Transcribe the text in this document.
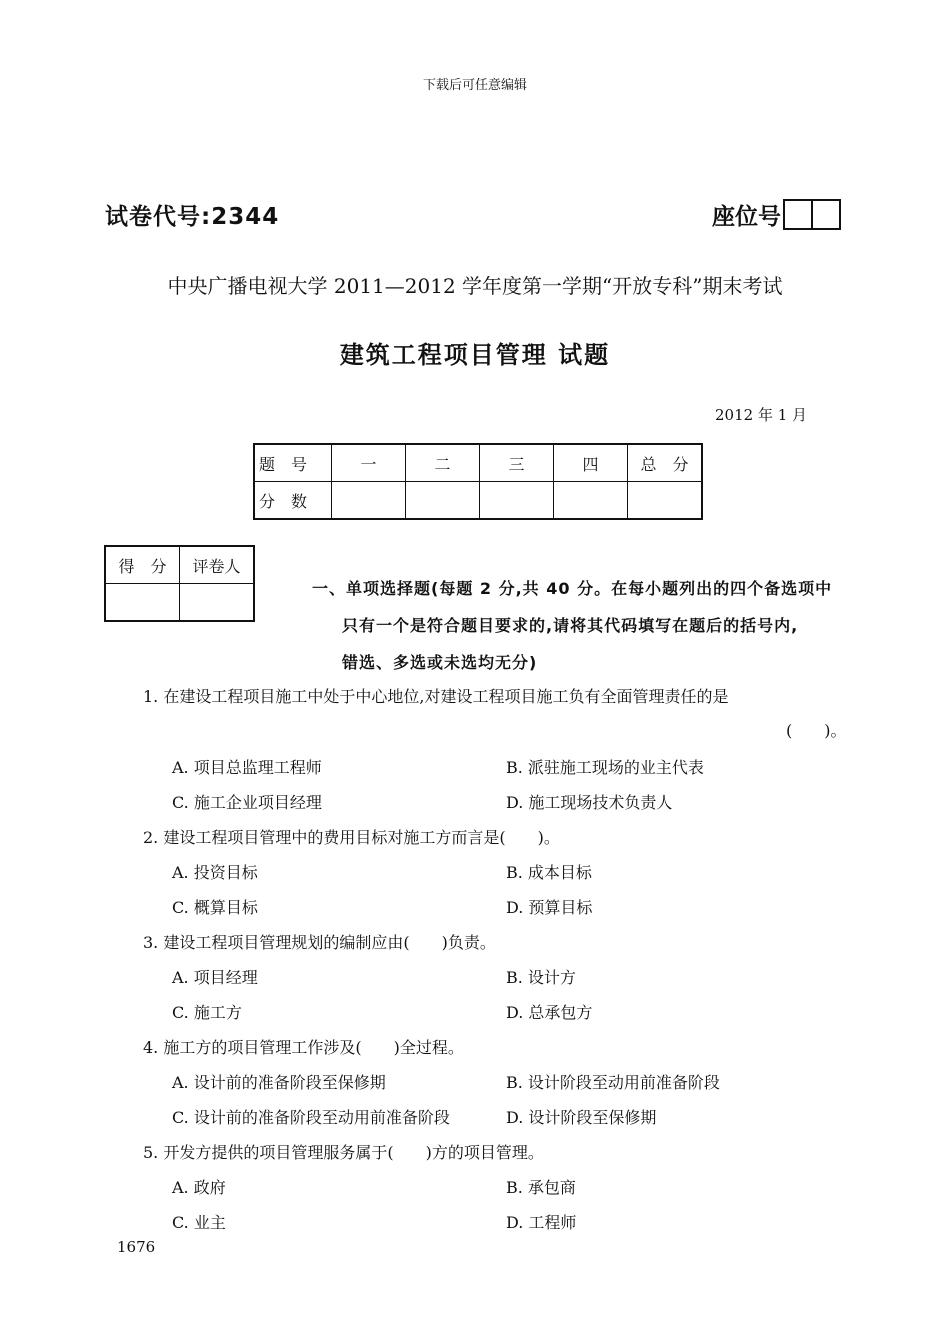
下载后可任意编辑
试卷代号:2344	座位号
中央广播电视大学 2011—2012 学年度第一学期“开放专科”期末考试
建筑工程项目管理 试题
2012 年 1 月
题　号	一	二	三	四	总　分
分　数					
得　分	评卷人

一、单项选择题(每题 2 分,共 40 分。在每小题列出的四个备选项中
只有一个是符合题目要求的,请将其代码填写在题后的括号内,
错选、多选或未选均无分)
1. 在建设工程项目施工中处于中心地位,对建设工程项目施工负有全面管理责任的是
(　　)。
A. 项目总监理工程师	B. 派驻施工现场的业主代表
C. 施工企业项目经理	D. 施工现场技术负责人
2. 建设工程项目管理中的费用目标对施工方而言是(　　)。
A. 投资目标	B. 成本目标
C. 概算目标	D. 预算目标
3. 建设工程项目管理规划的编制应由(　　)负责。
A. 项目经理	B. 设计方
C. 施工方	D. 总承包方
4. 施工方的项目管理工作涉及(　　)全过程。
A. 设计前的准备阶段至保修期	B. 设计阶段至动用前准备阶段
C. 设计前的准备阶段至动用前准备阶段	D. 设计阶段至保修期
5. 开发方提供的项目管理服务属于(　　)方的项目管理。
A. 政府	B. 承包商
C. 业主	D. 工程师
1676
